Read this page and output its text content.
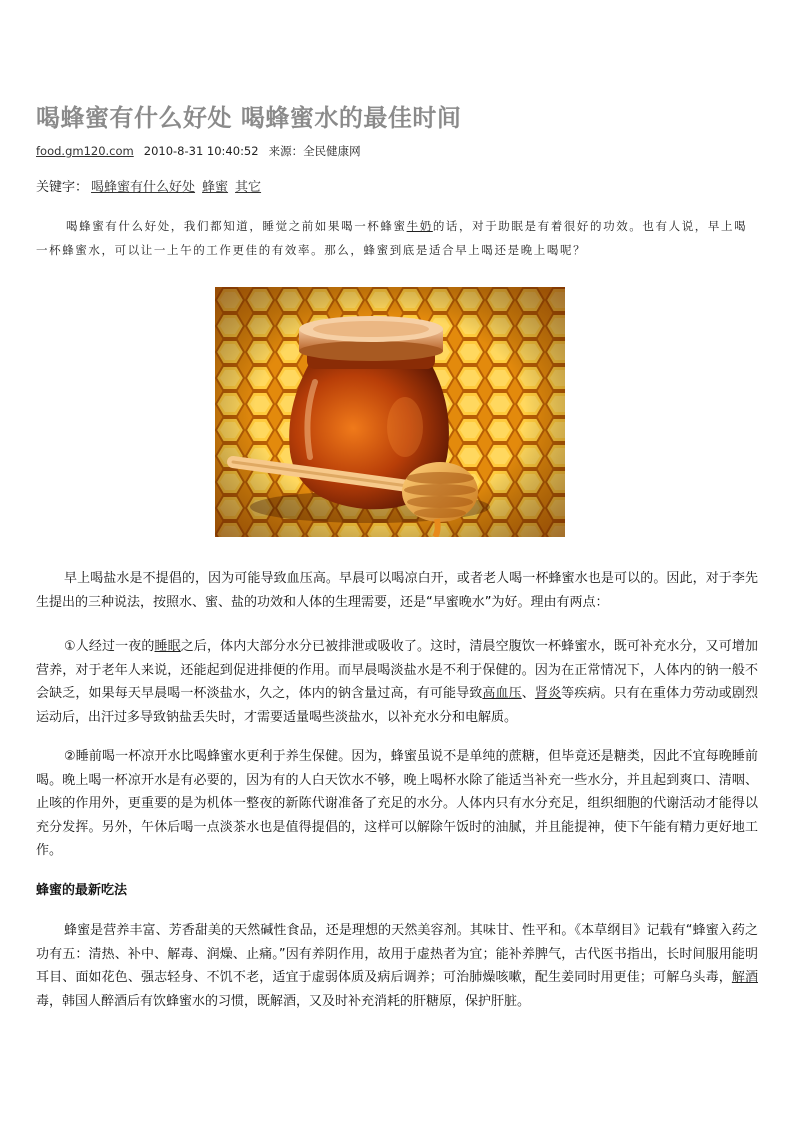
喝蜂蜜有什么好处 喝蜂蜜水的最佳时间
food.gm120.com 2010-8-31 10:40:52 来源：全民健康网
关键字： 喝蜂蜜有什么好处 蜂蜜 其它

喝蜂蜜有什么好处，我们都知道，睡觉之前如果喝一杯蜂蜜牛奶的话，对于助眠是有着很好的功效。也有人说，早上喝一杯蜂蜜水，可以让一上午的工作更佳的有效率。那么，蜂蜜到底是适合早上喝还是晚上喝呢？

早上喝盐水是不提倡的，因为可能导致血压高。早晨可以喝凉白开，或者老人喝一杯蜂蜜水也是可以的。因此，对于李先生提出的三种说法，按照水、蜜、盐的功效和人体的生理需要，还是“早蜜晚水”为好。理由有两点：

①人经过一夜的睡眠之后，体内大部分水分已被排泄或吸收了。这时，清晨空腹饮一杯蜂蜜水，既可补充水分，又可增加营养，对于老年人来说，还能起到促进排便的作用。而早晨喝淡盐水是不利于保健的。因为在正常情况下，人体内的钠一般不会缺乏，如果每天早晨喝一杯淡盐水，久之，体内的钠含量过高，有可能导致高血压、肾炎等疾病。只有在重体力劳动或剧烈运动后，出汗过多导致钠盐丢失时，才需要适量喝些淡盐水，以补充水分和电解质。

②睡前喝一杯凉开水比喝蜂蜜水更利于养生保健。因为，蜂蜜虽说不是单纯的蔗糖，但毕竟还是糖类，因此不宜每晚睡前喝。晚上喝一杯凉开水是有必要的，因为有的人白天饮水不够，晚上喝杯水除了能适当补充一些水分，并且起到爽口、清咽、止咳的作用外，更重要的是为机体一整夜的新陈代谢准备了充足的水分。人体内只有水分充足，组织细胞的代谢活动才能得以充分发挥。另外，午休后喝一点淡茶水也是值得提倡的，这样可以解除午饭时的油腻，并且能提神，使下午能有精力更好地工作。

蜂蜜的最新吃法

蜂蜜是营养丰富、芳香甜美的天然碱性食品，还是理想的天然美容剂。其味甘、性平和。《本草纲目》记载有“蜂蜜入药之功有五：清热、补中、解毒、润燥、止痛。”因有养阴作用，故用于虚热者为宜；能补养脾气，古代医书指出，长时间服用能明耳目、面如花色、强志轻身、不饥不老，适宜于虚弱体质及病后调养；可治肺燥咳嗽，配生姜同时用更佳；可解乌头毒，解酒毒，韩国人醉酒后有饮蜂蜜水的习惯，既解酒，又及时补充消耗的肝糖原，保护肝脏。
